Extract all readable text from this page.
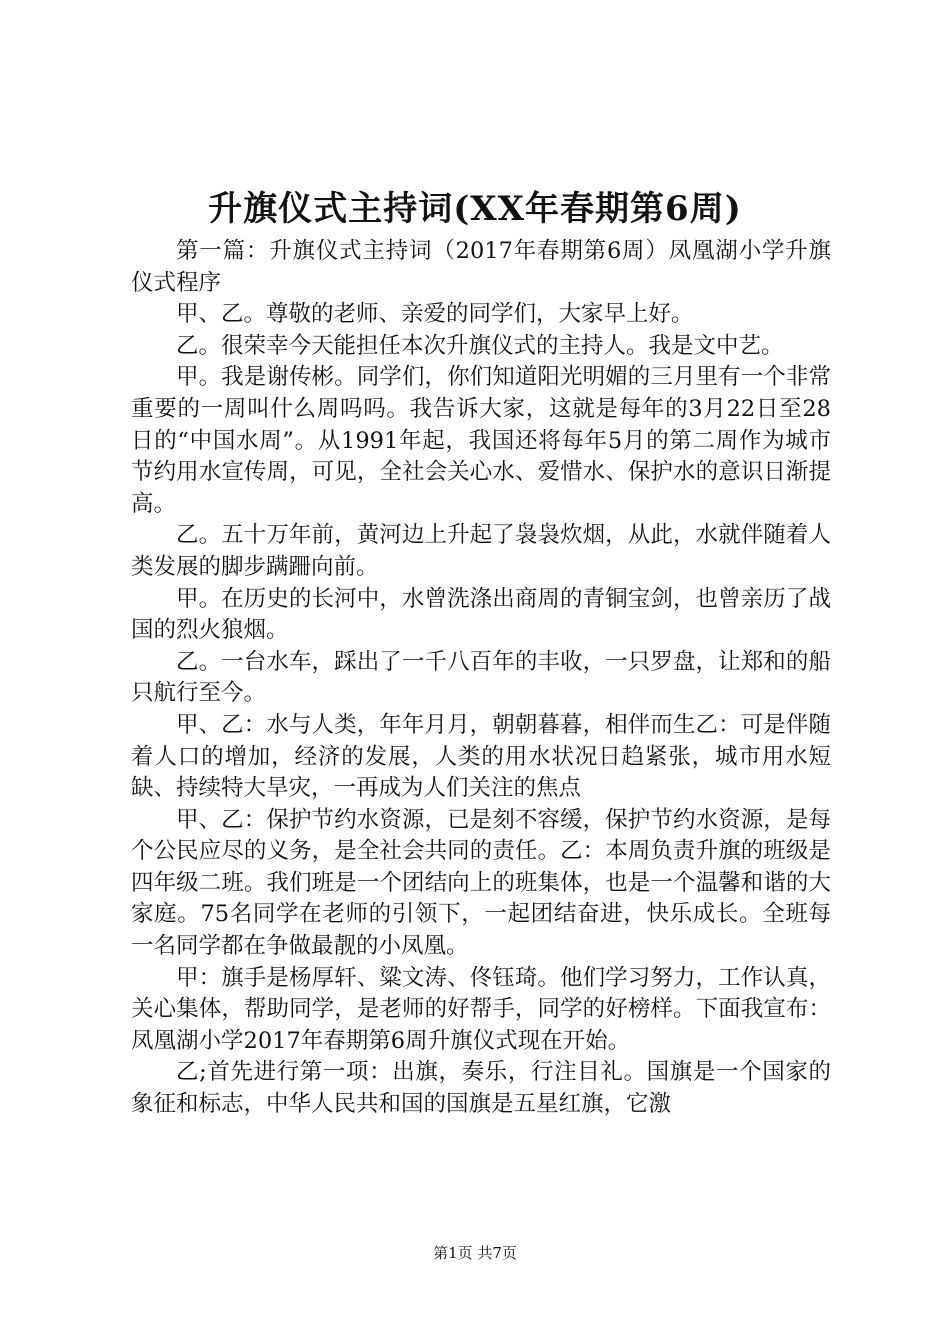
升旗仪式主持词(XX年春期第6周)

第一篇：升旗仪式主持词（2017年春期第6周）凤凰湖小学升旗仪式程序

甲、乙。尊敬的老师、亲爱的同学们，大家早上好。

乙。很荣幸今天能担任本次升旗仪式的主持人。我是文中艺。

甲。我是谢传彬。同学们，你们知道阳光明媚的三月里有一个非常重要的一周叫什么周吗吗。我告诉大家，这就是每年的3月22日至28日的“中国水周”。从1991年起，我国还将每年5月的第二周作为城市节约用水宣传周，可见，全社会关心水、爱惜水、保护水的意识日渐提高。

乙。五十万年前，黄河边上升起了袅袅炊烟，从此，水就伴随着人类发展的脚步蹒跚向前。

甲。在历史的长河中，水曾洗涤出商周的青铜宝剑，也曾亲历了战国的烈火狼烟。

乙。一台水车，踩出了一千八百年的丰收，一只罗盘，让郑和的船只航行至今。

甲、乙：水与人类，年年月月，朝朝暮暮，相伴而生乙：可是伴随着人口的增加，经济的发展，人类的用水状况日趋紧张，城市用水短缺、持续特大旱灾，一再成为人们关注的焦点

甲、乙：保护节约水资源，已是刻不容缓，保护节约水资源，是每个公民应尽的义务，是全社会共同的责任。乙：本周负责升旗的班级是四年级二班。我们班是一个团结向上的班集体，也是一个温馨和谐的大家庭。75名同学在老师的引领下，一起团结奋进，快乐成长。全班每一名同学都在争做最靓的小凤凰。

甲：旗手是杨厚轩、粱文涛、佟钰琦。他们学习努力，工作认真，关心集体，帮助同学，是老师的好帮手，同学的好榜样。下面我宣布：凤凰湖小学2017年春期第6周升旗仪式现在开始。

乙;首先进行第一项：出旗，奏乐，行注目礼。国旗是一个国家的象征和标志，中华人民共和国的国旗是五星红旗，它激

第1页 共7页
